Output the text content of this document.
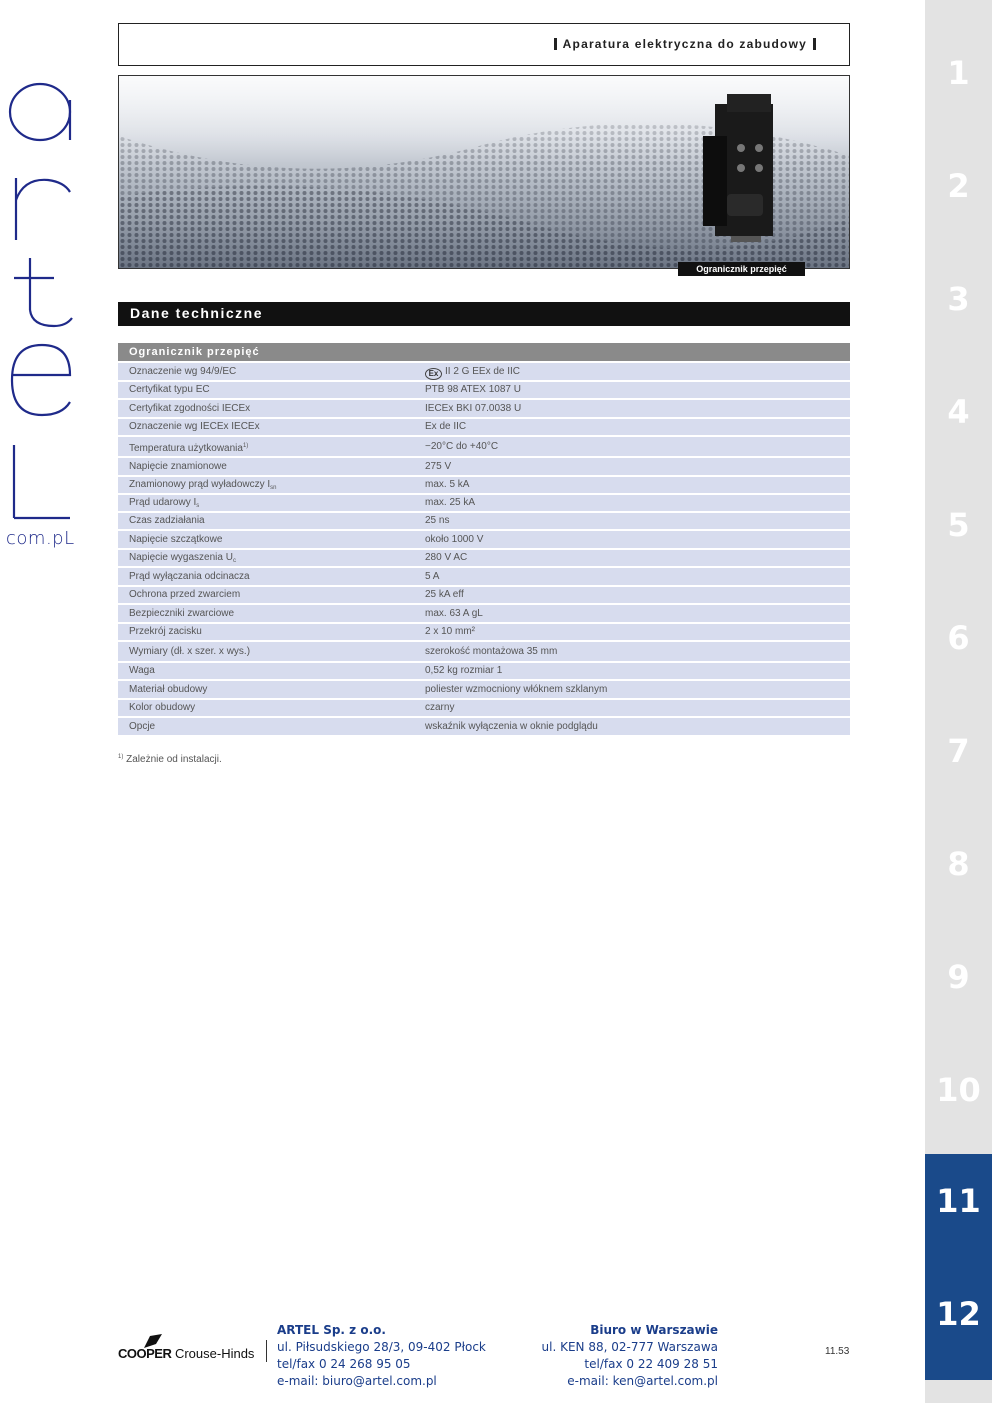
com.pL
Aparatura elektryczna do zabudowy
Ogranicznik przepięć
Dane techniczne
Ogranicznik przepięć
Oznaczenie wg 94/9/EC	Ex II 2 G EEx de IIC
Certyfikat typu EC	PTB 98 ATEX 1087 U
Certyfikat zgodności IECEx	IECEx BKI 07.0038 U
Oznaczenie wg IECEx IECEx	Ex de IIC
Temperatura użytkowania$^{1)}$	−20°C do +40°C
Napięcie znamionowe	275 V
Znamionowy prąd wyładowczy $I_{sn}$	max. 5 kA
Prąd udarowy $I_s$	max. 25 kA
Czas zadziałania	25 ns
Napięcie szczątkowe	około 1000 V
Napięcie wygaszenia $U_c$	280 V AC
Prąd wyłączania odcinacza	5 A
Ochrona przed zwarciem	25 kA eff
Bezpieczniki zwarciowe	max. 63 A gL
Przekrój zacisku	2 x 10 mm²
Wymiary (dł. x szer. x wys.)	szerokość montażowa 35 mm
Waga	0,52 kg rozmiar 1
Materiał obudowy	poliester wzmocniony włóknem szklanym
Kolor obudowy	czarny
Opcje	wskaźnik wyłączenia w oknie podglądu
$^{1)}$ Zależnie od instalacji.
1
2
3
4
5
6
7
8
9
10
11
12
COOPER Crouse-Hinds
ARTEL Sp. z o.o.
ul. Piłsudskiego 28/3, 09-402 Płock
tel/fax 0 24 268 95 05
e-mail: biuro@artel.com.pl
Biuro w Warszawie
ul. KEN 88, 02-777 Warszawa
tel/fax 0 22 409 28 51
e-mail: ken@artel.com.pl
11.53
